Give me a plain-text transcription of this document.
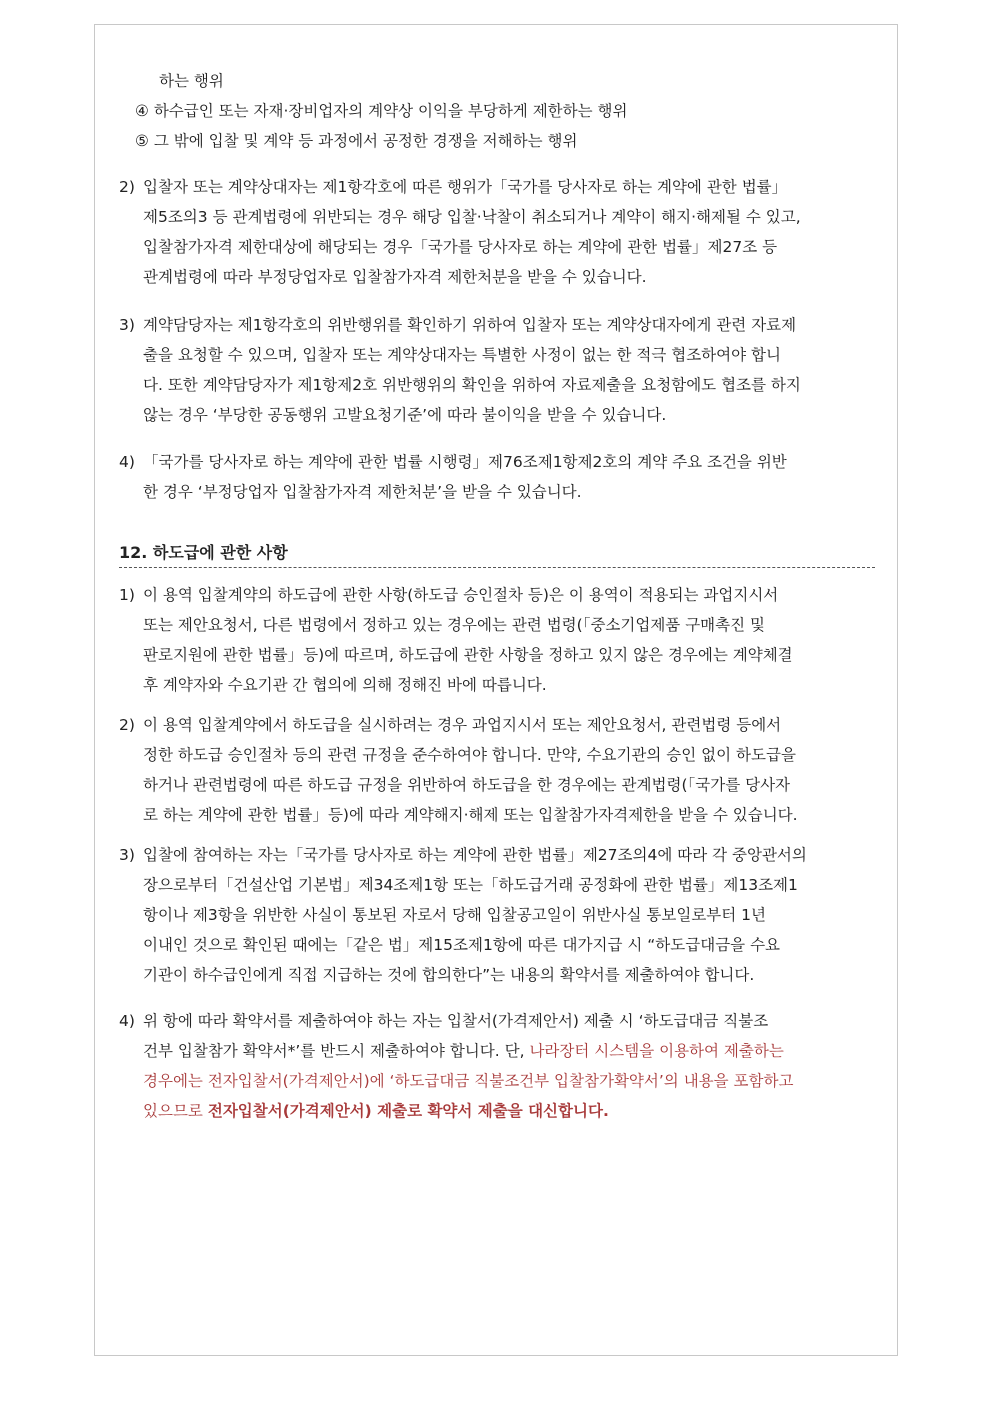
하는 행위
④ 하수급인 또는 자재·장비업자의 계약상 이익을 부당하게 제한하는 행위
⑤ 그 밖에 입찰 및 계약 등 과정에서 공정한 경쟁을 저해하는 행위
2) 입찰자 또는 계약상대자는 제1항각호에 따른 행위가「국가를 당사자로 하는 계약에 관한 법률」
제5조의3 등 관계법령에 위반되는 경우 해당 입찰·낙찰이 취소되거나 계약이 해지·해제될 수 있고,
입찰참가자격 제한대상에 해당되는 경우「국가를 당사자로 하는 계약에 관한 법률」제27조 등
관계법령에 따라 부정당업자로 입찰참가자격 제한처분을 받을 수 있습니다.
3) 계약담당자는 제1항각호의 위반행위를 확인하기 위하여 입찰자 또는 계약상대자에게 관련 자료제
출을 요청할 수 있으며, 입찰자 또는 계약상대자는 특별한 사정이 없는 한 적극 협조하여야 합니
다. 또한 계약담당자가 제1항제2호 위반행위의 확인을 위하여 자료제출을 요청함에도 협조를 하지
않는 경우 ‘부당한 공동행위 고발요청기준’에 따라 불이익을 받을 수 있습니다.
4) 「국가를 당사자로 하는 계약에 관한 법률 시행령」제76조제1항제2호의 계약 주요 조건을 위반
한 경우 ‘부정당업자 입찰참가자격 제한처분’을 받을 수 있습니다.
12. 하도급에 관한 사항
1) 이 용역 입찰계약의 하도급에 관한 사항(하도급 승인절차 등)은 이 용역이 적용되는 과업지시서
또는 제안요청서, 다른 법령에서 정하고 있는 경우에는 관련 법령(「중소기업제품 구매촉진 및
판로지원에 관한 법률」등)에 따르며, 하도급에 관한 사항을 정하고 있지 않은 경우에는 계약체결
후 계약자와 수요기관 간 협의에 의해 정해진 바에 따릅니다.
2) 이 용역 입찰계약에서 하도급을 실시하려는 경우 과업지시서 또는 제안요청서, 관련법령 등에서
정한 하도급 승인절차 등의 관련 규정을 준수하여야 합니다. 만약, 수요기관의 승인 없이 하도급을
하거나 관련법령에 따른 하도급 규정을 위반하여 하도급을 한 경우에는 관계법령(「국가를 당사자
로 하는 계약에 관한 법률」등)에 따라 계약해지·해제 또는 입찰참가자격제한을 받을 수 있습니다.
3) 입찰에 참여하는 자는「국가를 당사자로 하는 계약에 관한 법률」제27조의4에 따라 각 중앙관서의
장으로부터「건설산업 기본법」제34조제1항 또는「하도급거래 공정화에 관한 법률」제13조제1
항이나 제3항을 위반한 사실이 통보된 자로서 당해 입찰공고일이 위반사실 통보일로부터 1년
이내인 것으로 확인된 때에는「같은 법」제15조제1항에 따른 대가지급 시 “하도급대금을 수요
기관이 하수급인에게 직접 지급하는 것에 합의한다”는 내용의 확약서를 제출하여야 합니다.
4) 위 항에 따라 확약서를 제출하여야 하는 자는 입찰서(가격제안서) 제출 시 ‘하도급대금 직불조
건부 입찰참가 확약서*’를 반드시 제출하여야 합니다. 단, 나라장터 시스템을 이용하여 제출하는
경우에는 전자입찰서(가격제안서)에 ‘하도급대금 직불조건부 입찰참가확약서’의 내용을 포함하고
있으므로 전자입찰서(가격제안서) 제출로 확약서 제출을 대신합니다.
